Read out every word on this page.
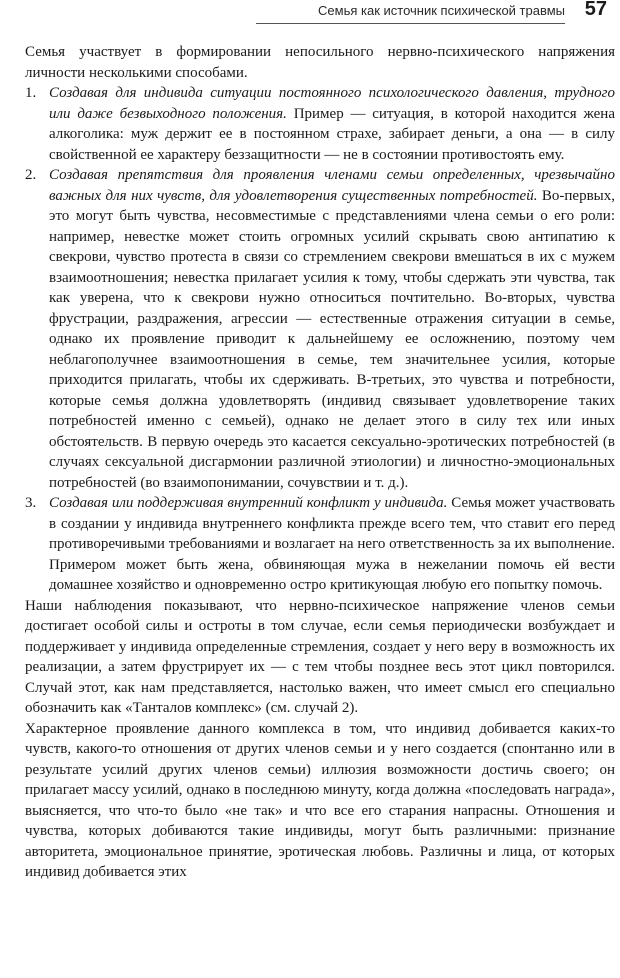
Семья как источник психической травмы 57

Семья участвует в формировании непосильного нервно-психического напряжения личности несколькими способами.

1. Создавая для индивида ситуации постоянного психологического давления, трудного или даже безвыходного положения. Пример — ситуация, в которой находится жена алкоголика: муж держит ее в постоянном страхе, забирает деньги, а она — в силу свойственной ее характеру беззащитности — не в состоянии противостоять ему.
2. Создавая препятствия для проявления членами семьи определенных, чрезвычайно важных для них чувств, для удовлетворения существенных потребностей. Во-первых, это могут быть чувства, несовместимые с представлениями члена семьи о его роли: например, невестке может стоить огромных усилий скрывать свою антипатию к свекрови, чувство протеста в связи со стремлением свекрови вмешаться в их с мужем взаимоотношения; невестка прилагает усилия к тому, чтобы сдержать эти чувства, так как уверена, что к свекрови нужно относиться почтительно. Во-вторых, чувства фрустрации, раздражения, агрессии — естественные отражения ситуации в семье, однако их проявление приводит к дальнейшему ее осложнению, поэтому чем неблагополучнее взаимоотношения в семье, тем значительнее усилия, которые приходится прилагать, чтобы их сдерживать. В-третьих, это чувства и потребности, которые семья должна удовлетворять (индивид связывает удовлетворение таких потребностей именно с семьей), однако не делает этого в силу тех или иных обстоятельств. В первую очередь это касается сексуально-эротических потребностей (в случаях сексуальной дисгармонии различной этиологии) и личностно-эмоциональных потребностей (во взаимопонимании, сочувствии и т. д.).
3. Создавая или поддерживая внутренний конфликт у индивида. Семья может участвовать в создании у индивида внутреннего конфликта прежде всего тем, что ставит его перед противоречивыми требованиями и возлагает на него ответственность за их выполнение. Примером может быть жена, обвиняющая мужа в нежелании помочь ей вести домашнее хозяйство и одновременно остро критикующая любую его попытку помочь.

Наши наблюдения показывают, что нервно-психическое напряжение членов семьи достигает особой силы и остроты в том случае, если семья периодически возбуждает и поддерживает у индивида определенные стремления, создает у него веру в возможность их реализации, а затем фрустрирует их — с тем чтобы позднее весь этот цикл повторился. Случай этот, как нам представляется, настолько важен, что имеет смысл его специально обозначить как «Танталов комплекс» (см. случай 2).

Характерное проявление данного комплекса в том, что индивид добивается каких-то чувств, какого-то отношения от других членов семьи и у него создается (спонтанно или в результате усилий других членов семьи) иллюзия возможности достичь своего; он прилагает массу усилий, однако в последнюю минуту, когда должна «последовать награда», выясняется, что что-то было «не так» и что все его старания напрасны. Отношения и чувства, которых добиваются такие индивиды, могут быть различными: признание авторитета, эмоциональное принятие, эротическая любовь. Различны и лица, от которых индивид добивается этих
